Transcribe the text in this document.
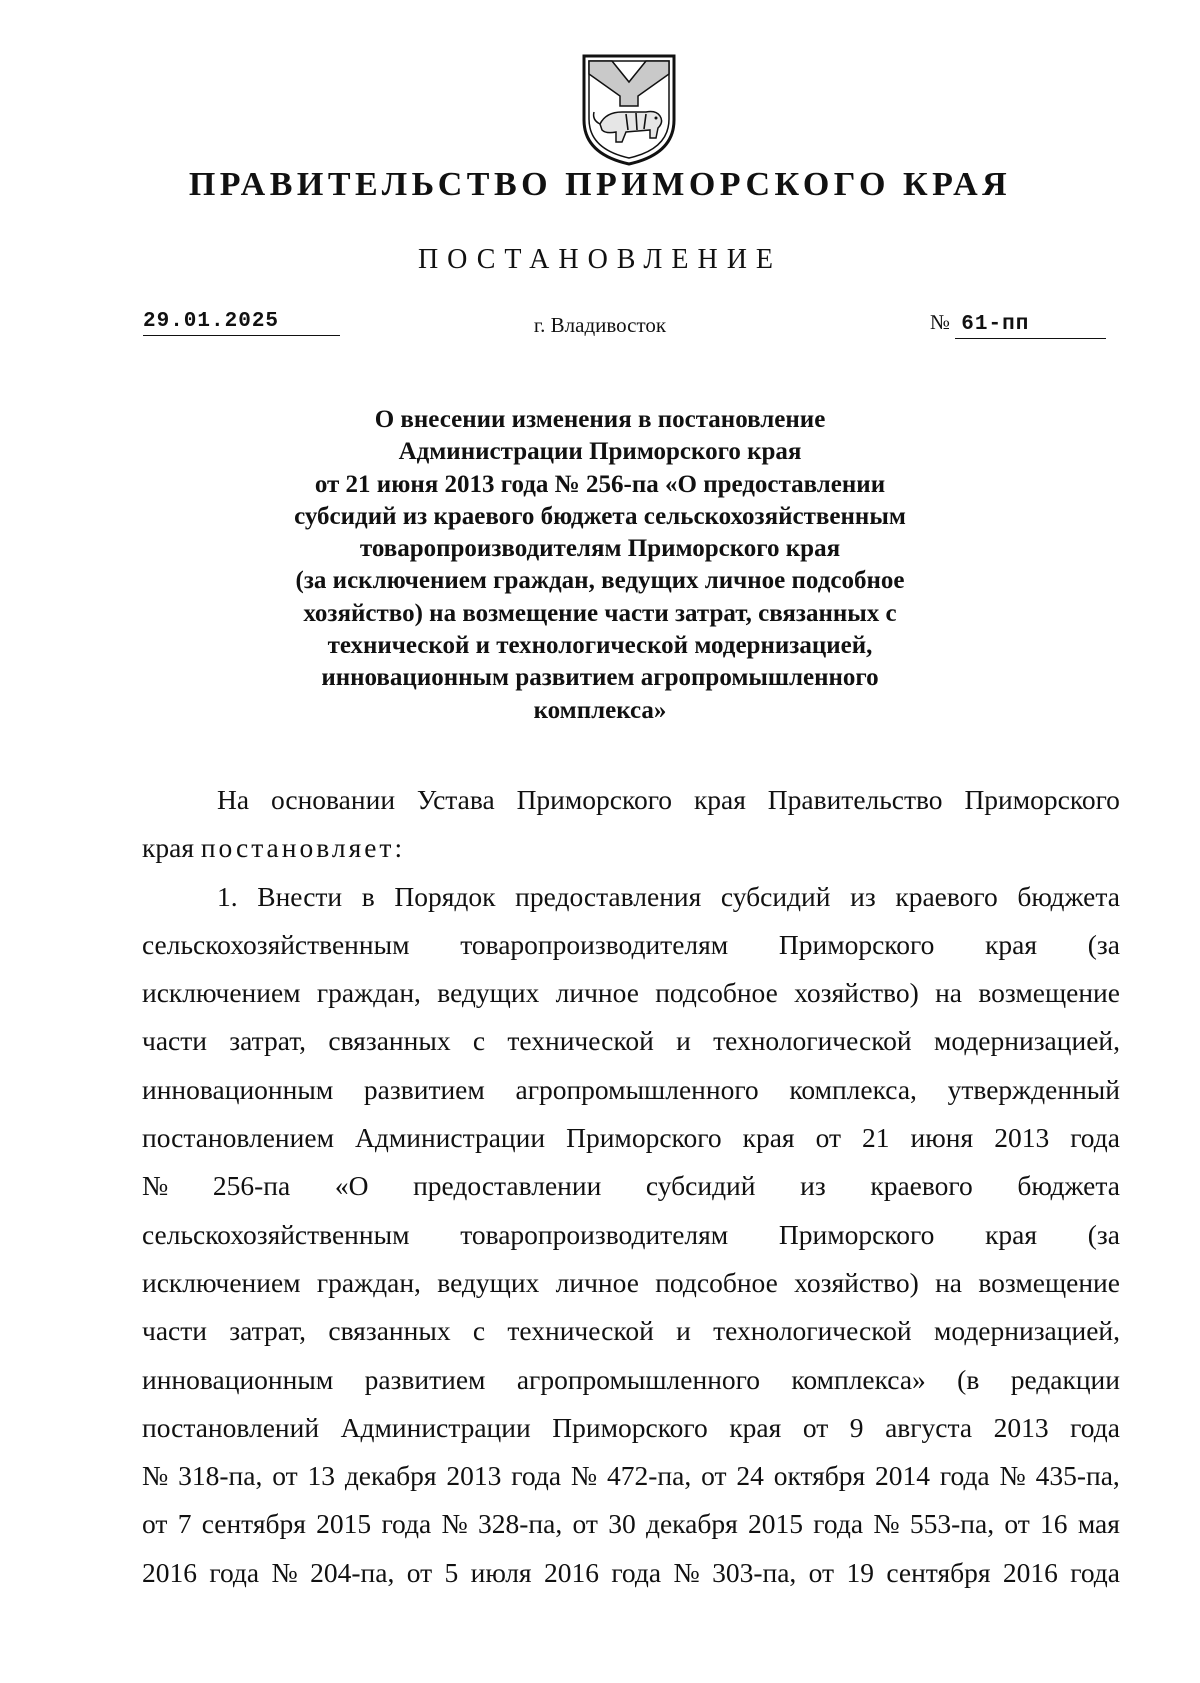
ПРАВИТЕЛЬСТВО ПРИМОРСКОГО КРАЯ
ПОСТАНОВЛЕНИЕ
29.01.2025	г. Владивосток	№ 61-пп
О внесении изменения в постановление
Администрации Приморского края
от 21 июня 2013 года № 256-па «О предоставлении
субсидий из краевого бюджета сельскохозяйственным
товаропроизводителям Приморского края
(за исключением граждан, ведущих личное подсобное
хозяйство) на возмещение части затрат, связанных с
технической и технологической модернизацией,
инновационным развитием агропромышленного
комплекса»
На основании Устава Приморского края Правительство Приморского
края постановляет:
1. Внести в Порядок предоставления субсидий из краевого бюджета
сельскохозяйственным товаропроизводителям Приморского края (за
исключением граждан, ведущих личное подсобное хозяйство) на возмещение
части затрат, связанных с технической и технологической модернизацией,
инновационным развитием агропромышленного комплекса, утвержденный
постановлением Администрации Приморского края от 21 июня 2013 года
№ 256-па «О предоставлении субсидий из краевого бюджета
сельскохозяйственным товаропроизводителям Приморского края (за
исключением граждан, ведущих личное подсобное хозяйство) на возмещение
части затрат, связанных с технической и технологической модернизацией,
инновационным развитием агропромышленного комплекса» (в редакции
постановлений Администрации Приморского края от 9 августа 2013 года
№ 318-па, от 13 декабря 2013 года № 472-па, от 24 октября 2014 года № 435-па,
от 7 сентября 2015 года № 328-па, от 30 декабря 2015 года № 553-па, от 16 мая
2016 года № 204-па, от 5 июля 2016 года № 303-па, от 19 сентября 2016 года
